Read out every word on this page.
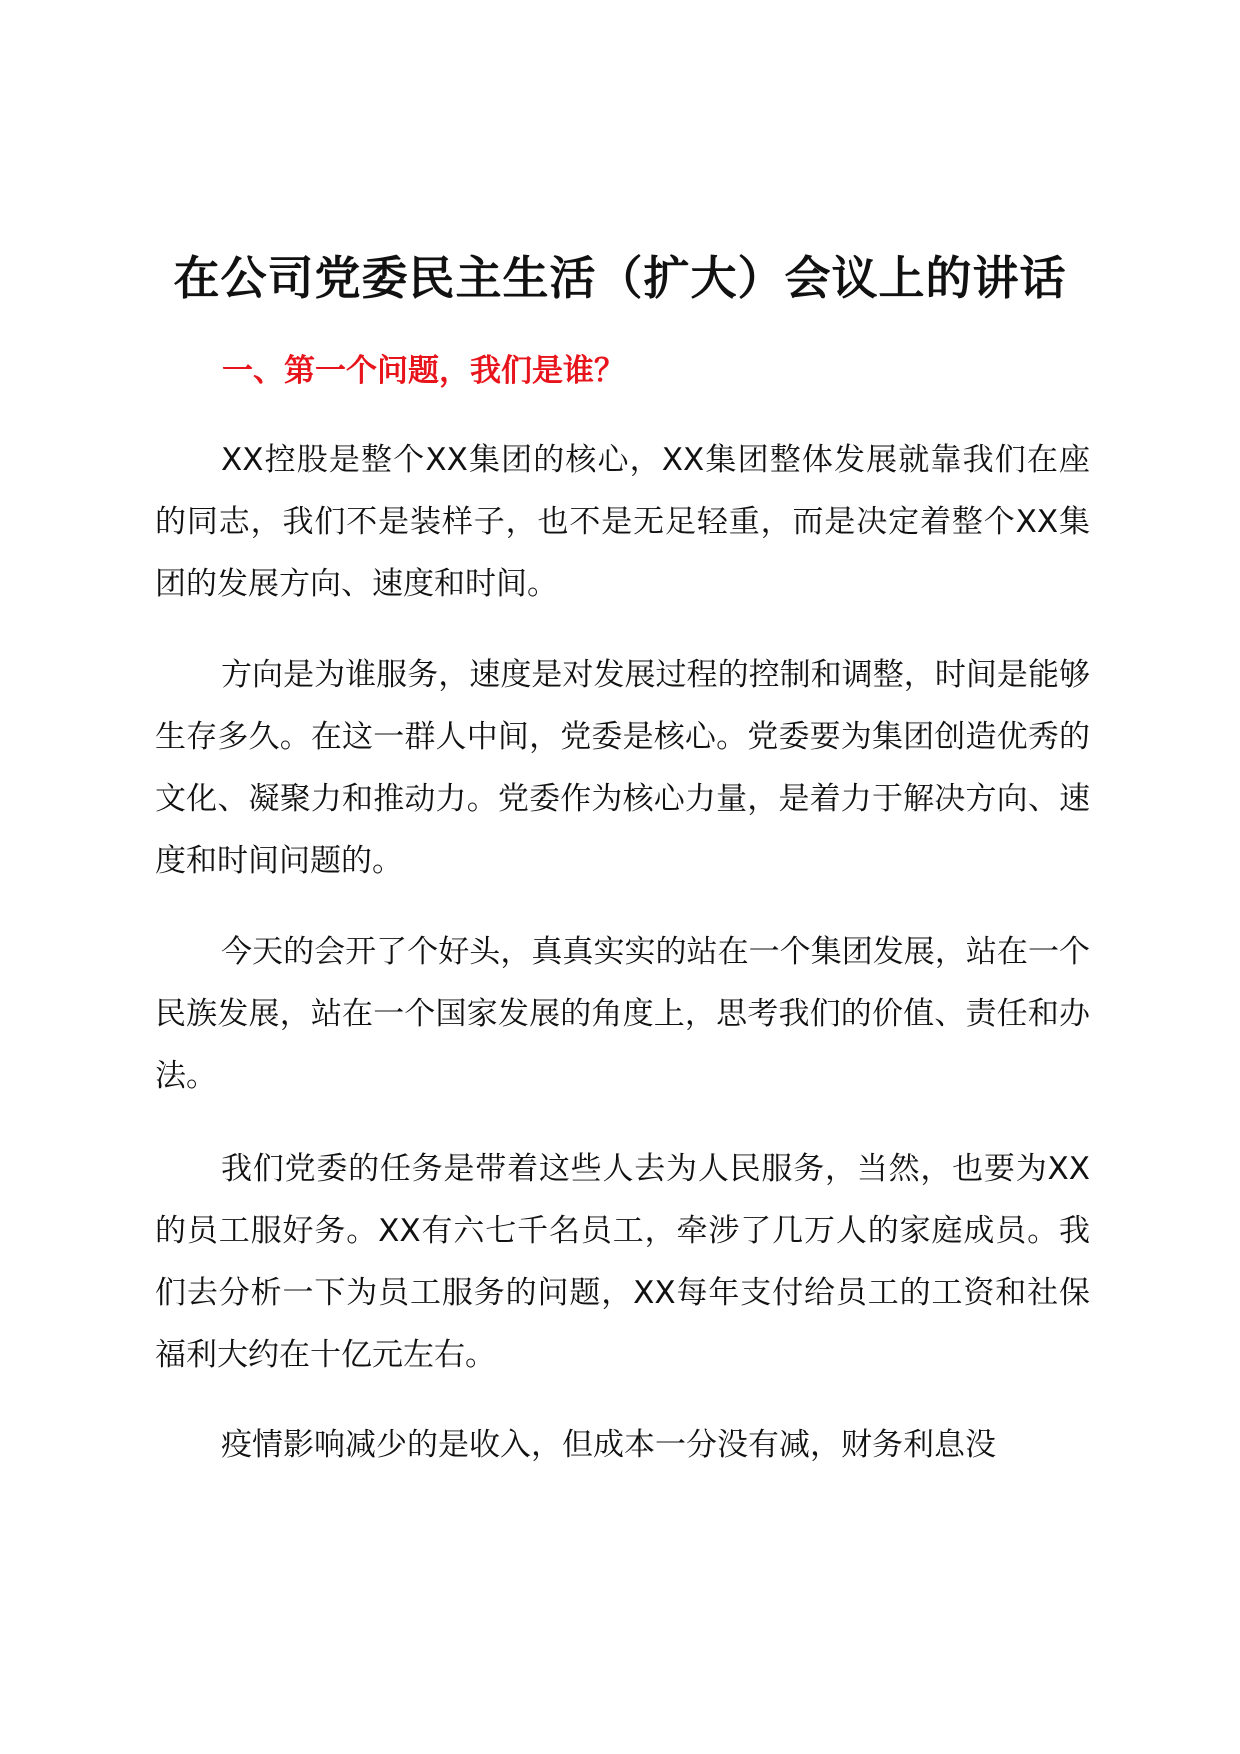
在公司党委民主生活（扩大）会议上的讲话
一、第一个问题，我们是谁？

XX控股是整个XX集团的核心，XX集团整体发展就靠我们在座的同志，我们不是装样子，也不是无足轻重，而是决定着整个XX集团的发展方向、速度和时间。

方向是为谁服务，速度是对发展过程的控制和调整，时间是能够生存多久。在这一群人中间，党委是核心。党委要为集团创造优秀的文化、凝聚力和推动力。党委作为核心力量，是着力于解决方向、速度和时间问题的。

今天的会开了个好头，真真实实的站在一个集团发展，站在一个民族发展，站在一个国家发展的角度上，思考我们的价值、责任和办法。

我们党委的任务是带着这些人去为人民服务，当然，也要为XX的员工服好务。XX有六七千名员工，牵涉了几万人的家庭成员。我们去分析一下为员工服务的问题，XX每年支付给员工的工资和社保福利大约在十亿元左右。

疫情影响减少的是收入，但成本一分没有减，财务利息没
